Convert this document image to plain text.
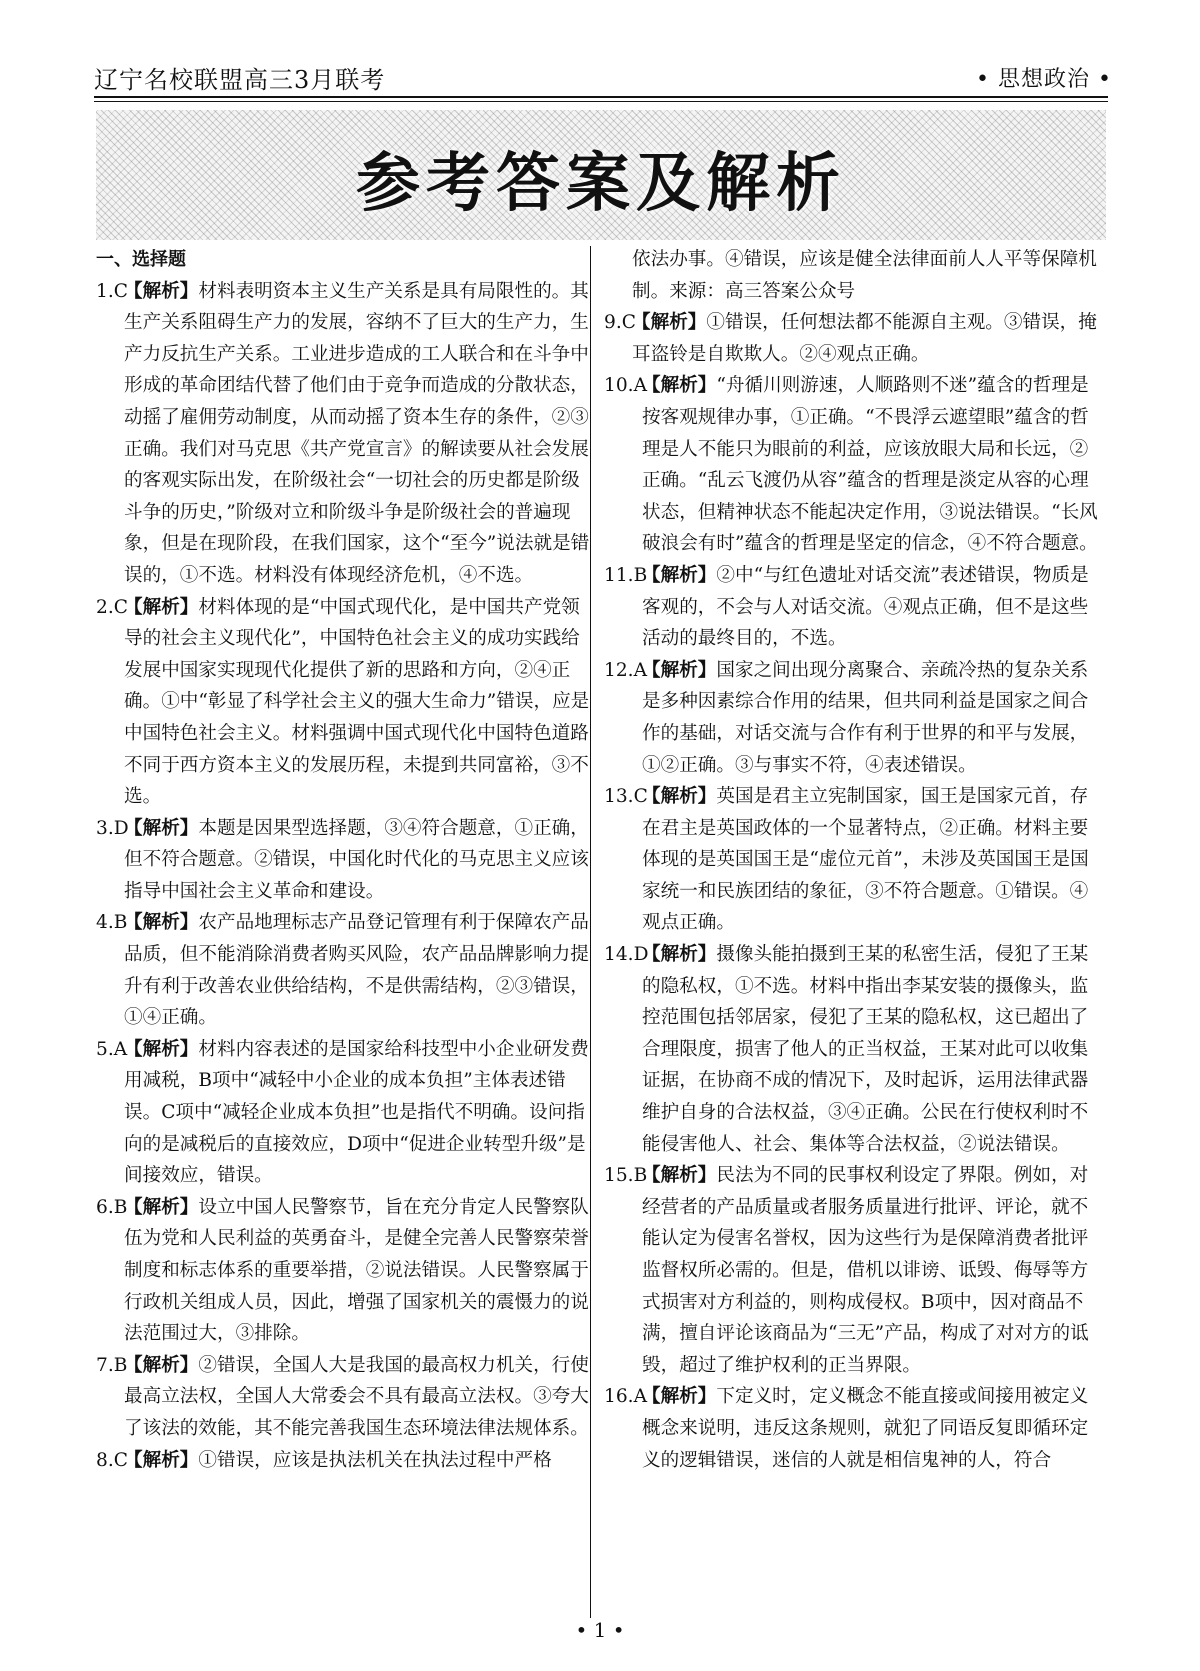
辽宁名校联盟高三3月联考	• 思想政治 •
参考答案及解析
一、选择题

1.C
【解析】材料表明资本主义生产关系是具有局限性的。其生产关系阻碍生产力的发展，容纳不了巨大的生产力，生产力反抗生产关系。工业进步造成的工人联合和在斗争中形成的革命团结代替了他们由于竞争而造成的分散状态，动摇了雇佣劳动制度，从而动摇了资本生存的条件，②③正确。我们对马克思《共产党宣言》的解读要从社会发展的客观实际出发，在阶级社会“一切社会的历史都是阶级斗争的历史，”阶级对立和阶级斗争是阶级社会的普遍现象，但是在现阶段，在我们国家，这个“至今”说法就是错误的，①不选。材料没有体现经济危机，④不选。

2.C
【解析】材料体现的是“中国式现代化，是中国共产党领导的社会主义现代化”，中国特色社会主义的成功实践给发展中国家实现现代化提供了新的思路和方向，②④正确。①中“彰显了科学社会主义的强大生命力”错误，应是中国特色社会主义。材料强调中国式现代化中国特色道路不同于西方资本主义的发展历程，未提到共同富裕，③不选。

3.D
【解析】本题是因果型选择题，③④符合题意，①正确，但不符合题意。②错误，中国化时代化的马克思主义应该指导中国社会主义革命和建设。

4.B
【解析】农产品地理标志产品登记管理有利于保障农产品品质，但不能消除消费者购买风险，农产品品牌影响力提升有利于改善农业供给结构，不是供需结构，②③错误，①④正确。

5.A
【解析】材料内容表述的是国家给科技型中小企业研发费用减税，B项中“减轻中小企业的成本负担”主体表述错误。C项中“减轻企业成本负担”也是指代不明确。设问指向的是减税后的直接效应，D项中“促进企业转型升级”是间接效应，错误。

6.B
【解析】设立中国人民警察节，旨在充分肯定人民警察队伍为党和人民利益的英勇奋斗，是健全完善人民警察荣誉制度和标志体系的重要举措，②说法错误。人民警察属于行政机关组成人员，因此，增强了国家机关的震慑力的说法范围过大，③排除。

7.B
【解析】②错误，全国人大是我国的最高权力机关，行使最高立法权，全国人大常委会不具有最高立法权。③夸大了该法的效能，其不能完善我国生态环境法律法规体系。

8.C
【解析】①错误，应该是执法机关在执法过程中严格

依法办事。④错误，应该是健全法律面前人人平等保障机制。来源：高三答案公众号

9.C
【解析】①错误，任何想法都不能源自主观。③错误，掩耳盗铃是自欺欺人。②④观点正确。

10.A
【解析】“舟循川则游速，人顺路则不迷”蕴含的哲理是按客观规律办事，①正确。“不畏浮云遮望眼”蕴含的哲理是人不能只为眼前的利益，应该放眼大局和长远，②正确。“乱云飞渡仍从容”蕴含的哲理是淡定从容的心理状态，但精神状态不能起决定作用，③说法错误。“长风破浪会有时”蕴含的哲理是坚定的信念，④不符合题意。

11.B
【解析】②中“与红色遗址对话交流”表述错误，物质是客观的，不会与人对话交流。④观点正确，但不是这些活动的最终目的，不选。

12.A
【解析】国家之间出现分离聚合、亲疏冷热的复杂关系是多种因素综合作用的结果，但共同利益是国家之间合作的基础，对话交流与合作有利于世界的和平与发展，①②正确。③与事实不符，④表述错误。

13.C
【解析】英国是君主立宪制国家，国王是国家元首，存在君主是英国政体的一个显著特点，②正确。材料主要体现的是英国国王是“虚位元首”，未涉及英国国王是国家统一和民族团结的象征，③不符合题意。①错误。④观点正确。

14.D
【解析】摄像头能拍摄到王某的私密生活，侵犯了王某的隐私权，①不选。材料中指出李某安装的摄像头，监控范围包括邻居家，侵犯了王某的隐私权，这已超出了合理限度，损害了他人的正当权益，王某对此可以收集证据，在协商不成的情况下，及时起诉，运用法律武器维护自身的合法权益，③④正确。公民在行使权利时不能侵害他人、社会、集体等合法权益，②说法错误。

15.B
【解析】民法为不同的民事权利设定了界限。例如，对经营者的产品质量或者服务质量进行批评、评论，就不能认定为侵害名誉权，因为这些行为是保障消费者批评监督权所必需的。但是，借机以诽谤、诋毁、侮辱等方式损害对方利益的，则构成侵权。B项中，因对商品不满，擅自评论该商品为“三无”产品，构成了对对方的诋毁，超过了维护权利的正当界限。

16.A
【解析】下定义时，定义概念不能直接或间接用被定义概念来说明，违反这条规则，就犯了同语反复即循环定义的逻辑错误，迷信的人就是相信鬼神的人，符合

• 1 •
